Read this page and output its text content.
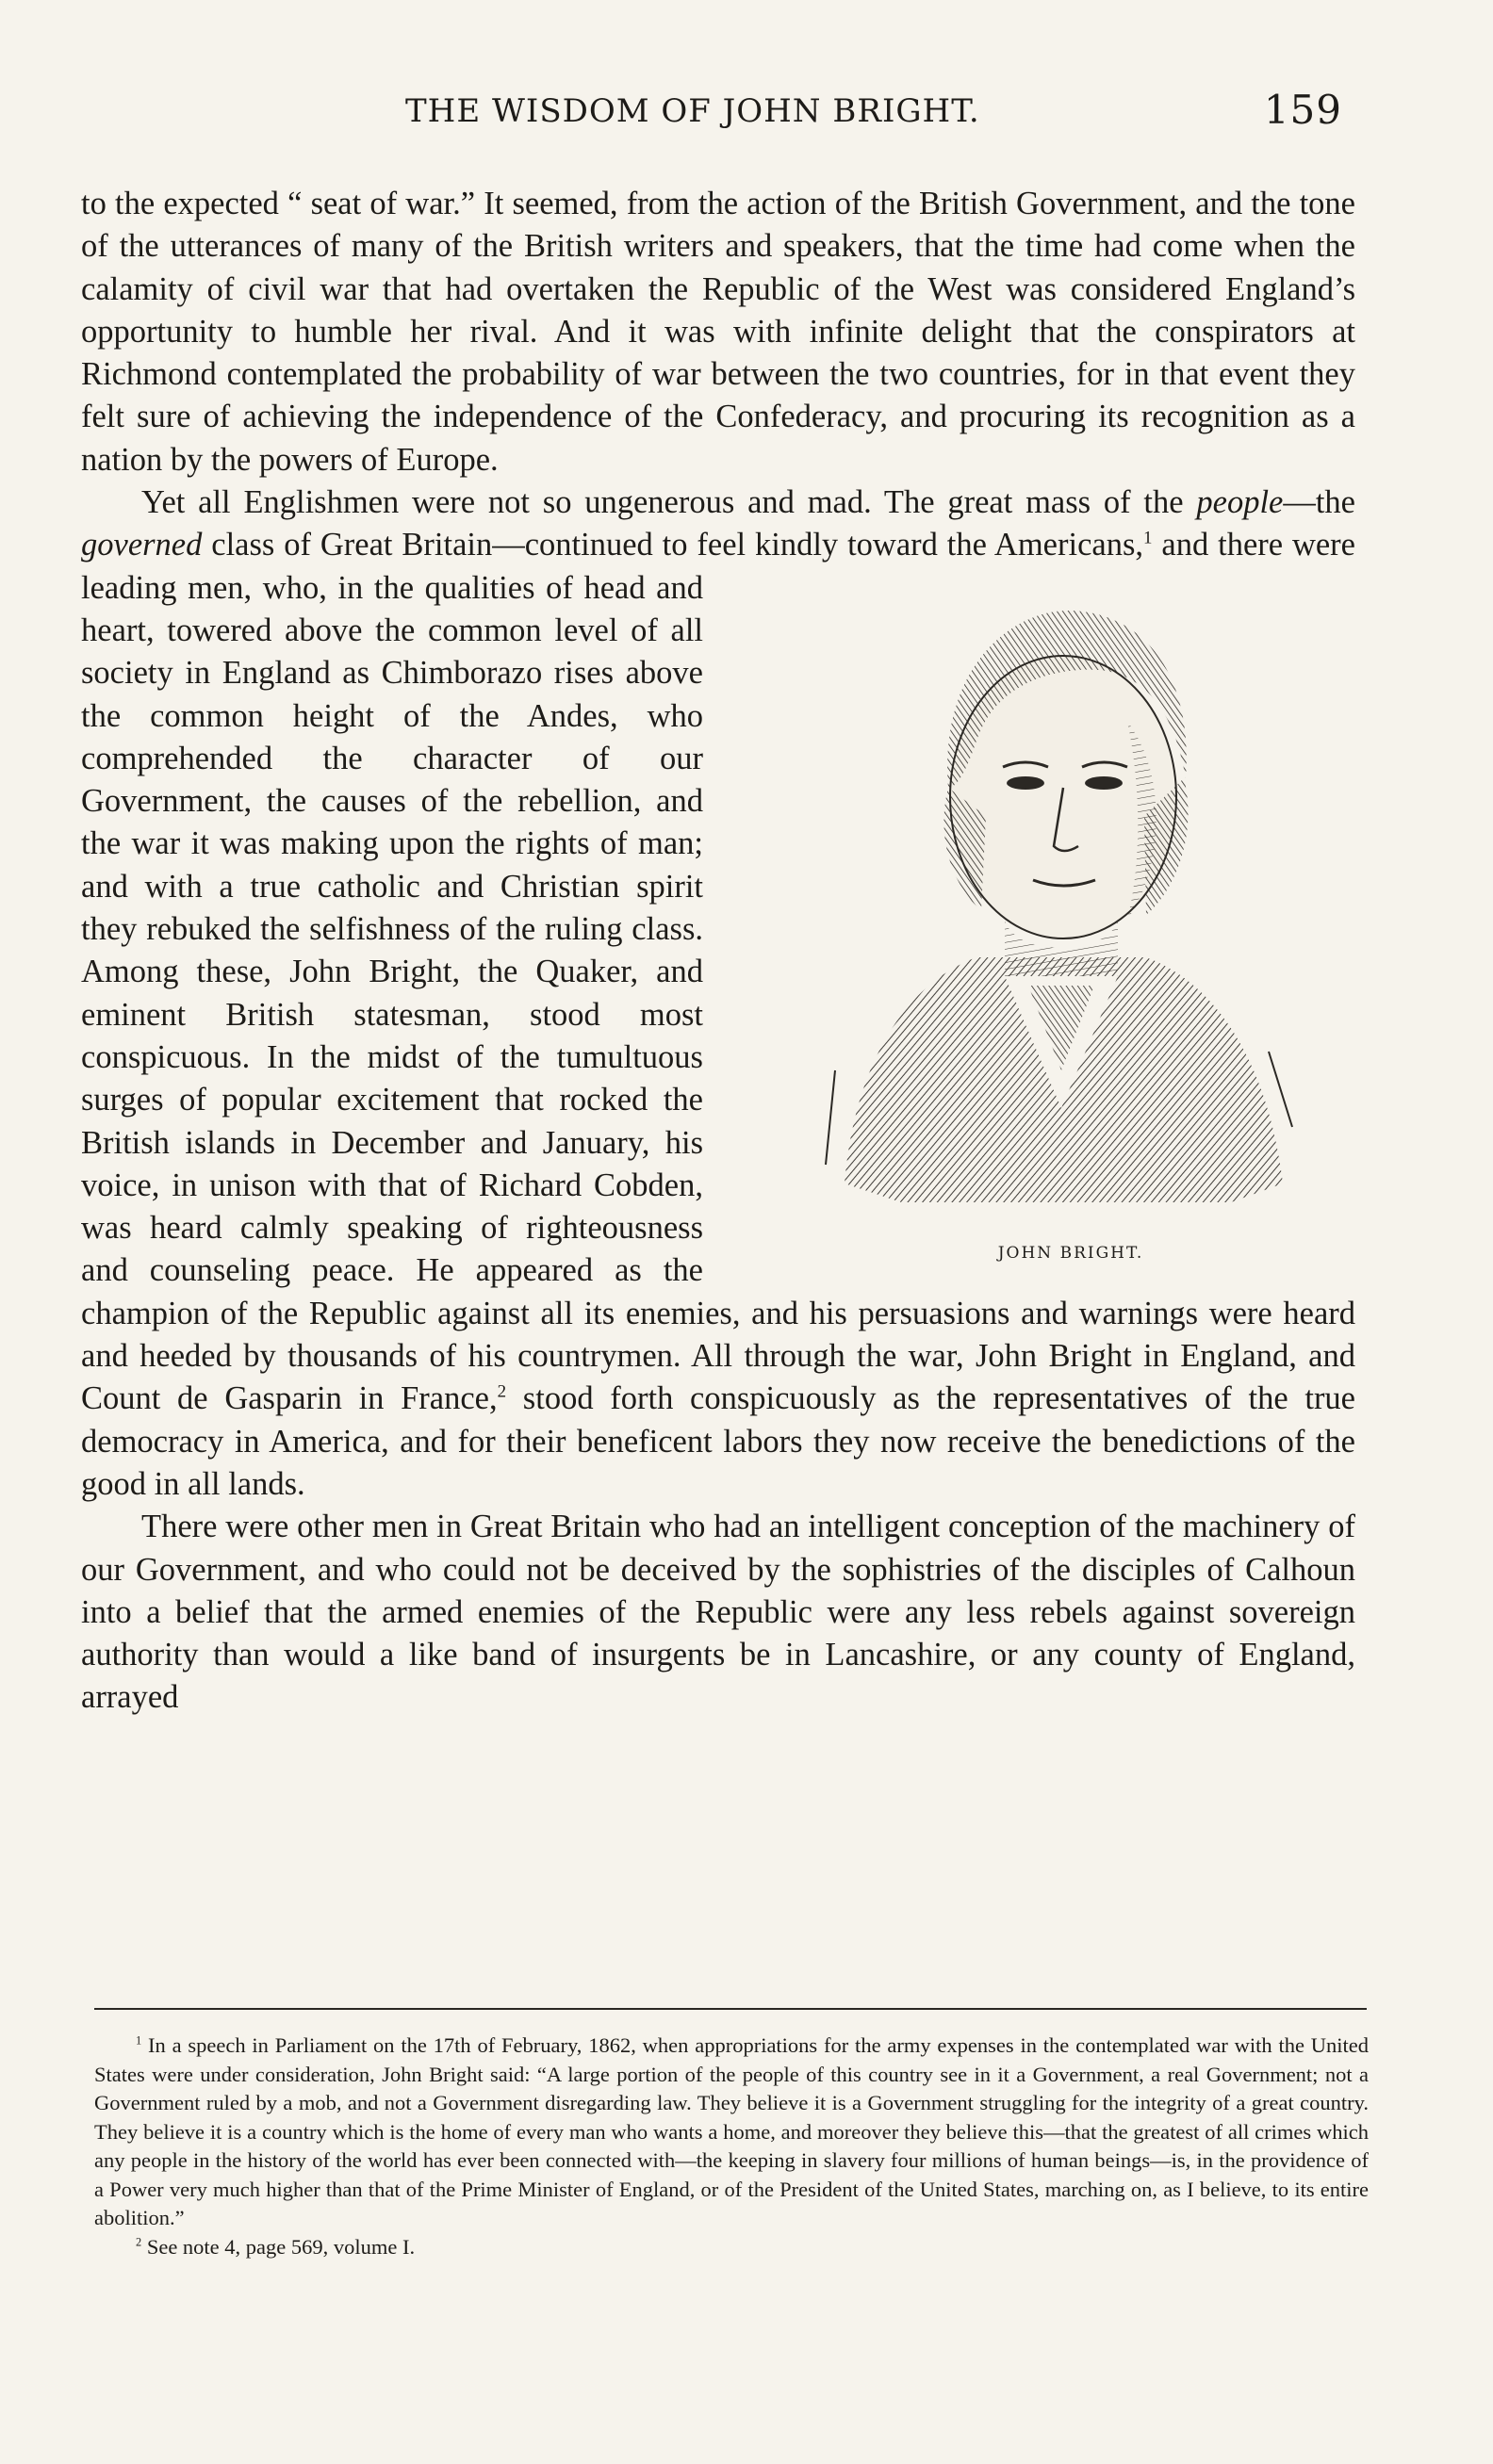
THE WISDOM OF JOHN BRIGHT.	159

to the expected “ seat of war.” It seemed, from the action of the British Government, and the tone of the utterances of many of the British writers and speakers, that the time had come when the calamity of civil war that had overtaken the Republic of the West was considered England’s opportunity to humble her rival. And it was with infinite delight that the conspirators at Richmond contemplated the probability of war between the two countries, for in that event they felt sure of achieving the independence of the Confederacy, and procuring its recognition as a nation by the powers of Europe.

Yet all Englishmen were not so ungenerous and mad. The great mass of the people—the governed class of Great Britain—continued to feel kindly toward the Americans,$^1$
JOHN BRIGHT.
and there were leading men, who, in the qualities of head and heart, towered above the common level of all society in England as Chimborazo rises above the common height of the Andes, who comprehended the character of our Government, the causes of the rebellion, and the war it was making upon the rights of man; and with a true catholic and Christian spirit they rebuked the selfishness of the ruling class. Among these, John Bright, the Quaker, and eminent British statesman, stood most conspicuous. In the midst of the tumultuous surges of popular excitement that rocked the British islands in December and January, his voice, in unison with that of Richard Cobden, was heard calmly speaking of righteousness and counseling peace. He appeared as the champion of the Republic against all its enemies, and his persuasions and warnings were heard and heeded by thousands of his countrymen. All through the war, John Bright in England, and Count de Gasparin in France,$^2$ stood forth conspicuously as the representatives of the true democracy in America, and for their beneficent labors they now receive the benedictions of the good in all lands.

There were other men in Great Britain who had an intelligent conception of the machinery of our Government, and who could not be deceived by the sophistries of the disciples of Calhoun into a belief that the armed enemies of the Republic were any less rebels against sovereign authority than would a like band of insurgents be in Lancashire, or any county of England, arrayed

$^1$ In a speech in Parliament on the 17th of February, 1862, when appropriations for the army expenses in the contemplated war with the United States were under consideration, John Bright said: “A large portion of the people of this country see in it a Government, a real Government; not a Government ruled by a mob, and not a Government disregarding law. They believe it is a Government struggling for the integrity of a great country. They believe it is a country which is the home of every man who wants a home, and moreover they believe this—that the greatest of all crimes which any people in the history of the world has ever been connected with—the keeping in slavery four millions of human beings—is, in the providence of a Power very much higher than that of the Prime Minister of England, or of the President of the United States, marching on, as I believe, to its entire abolition.”

$^2$ See note 4, page 569, volume I.
